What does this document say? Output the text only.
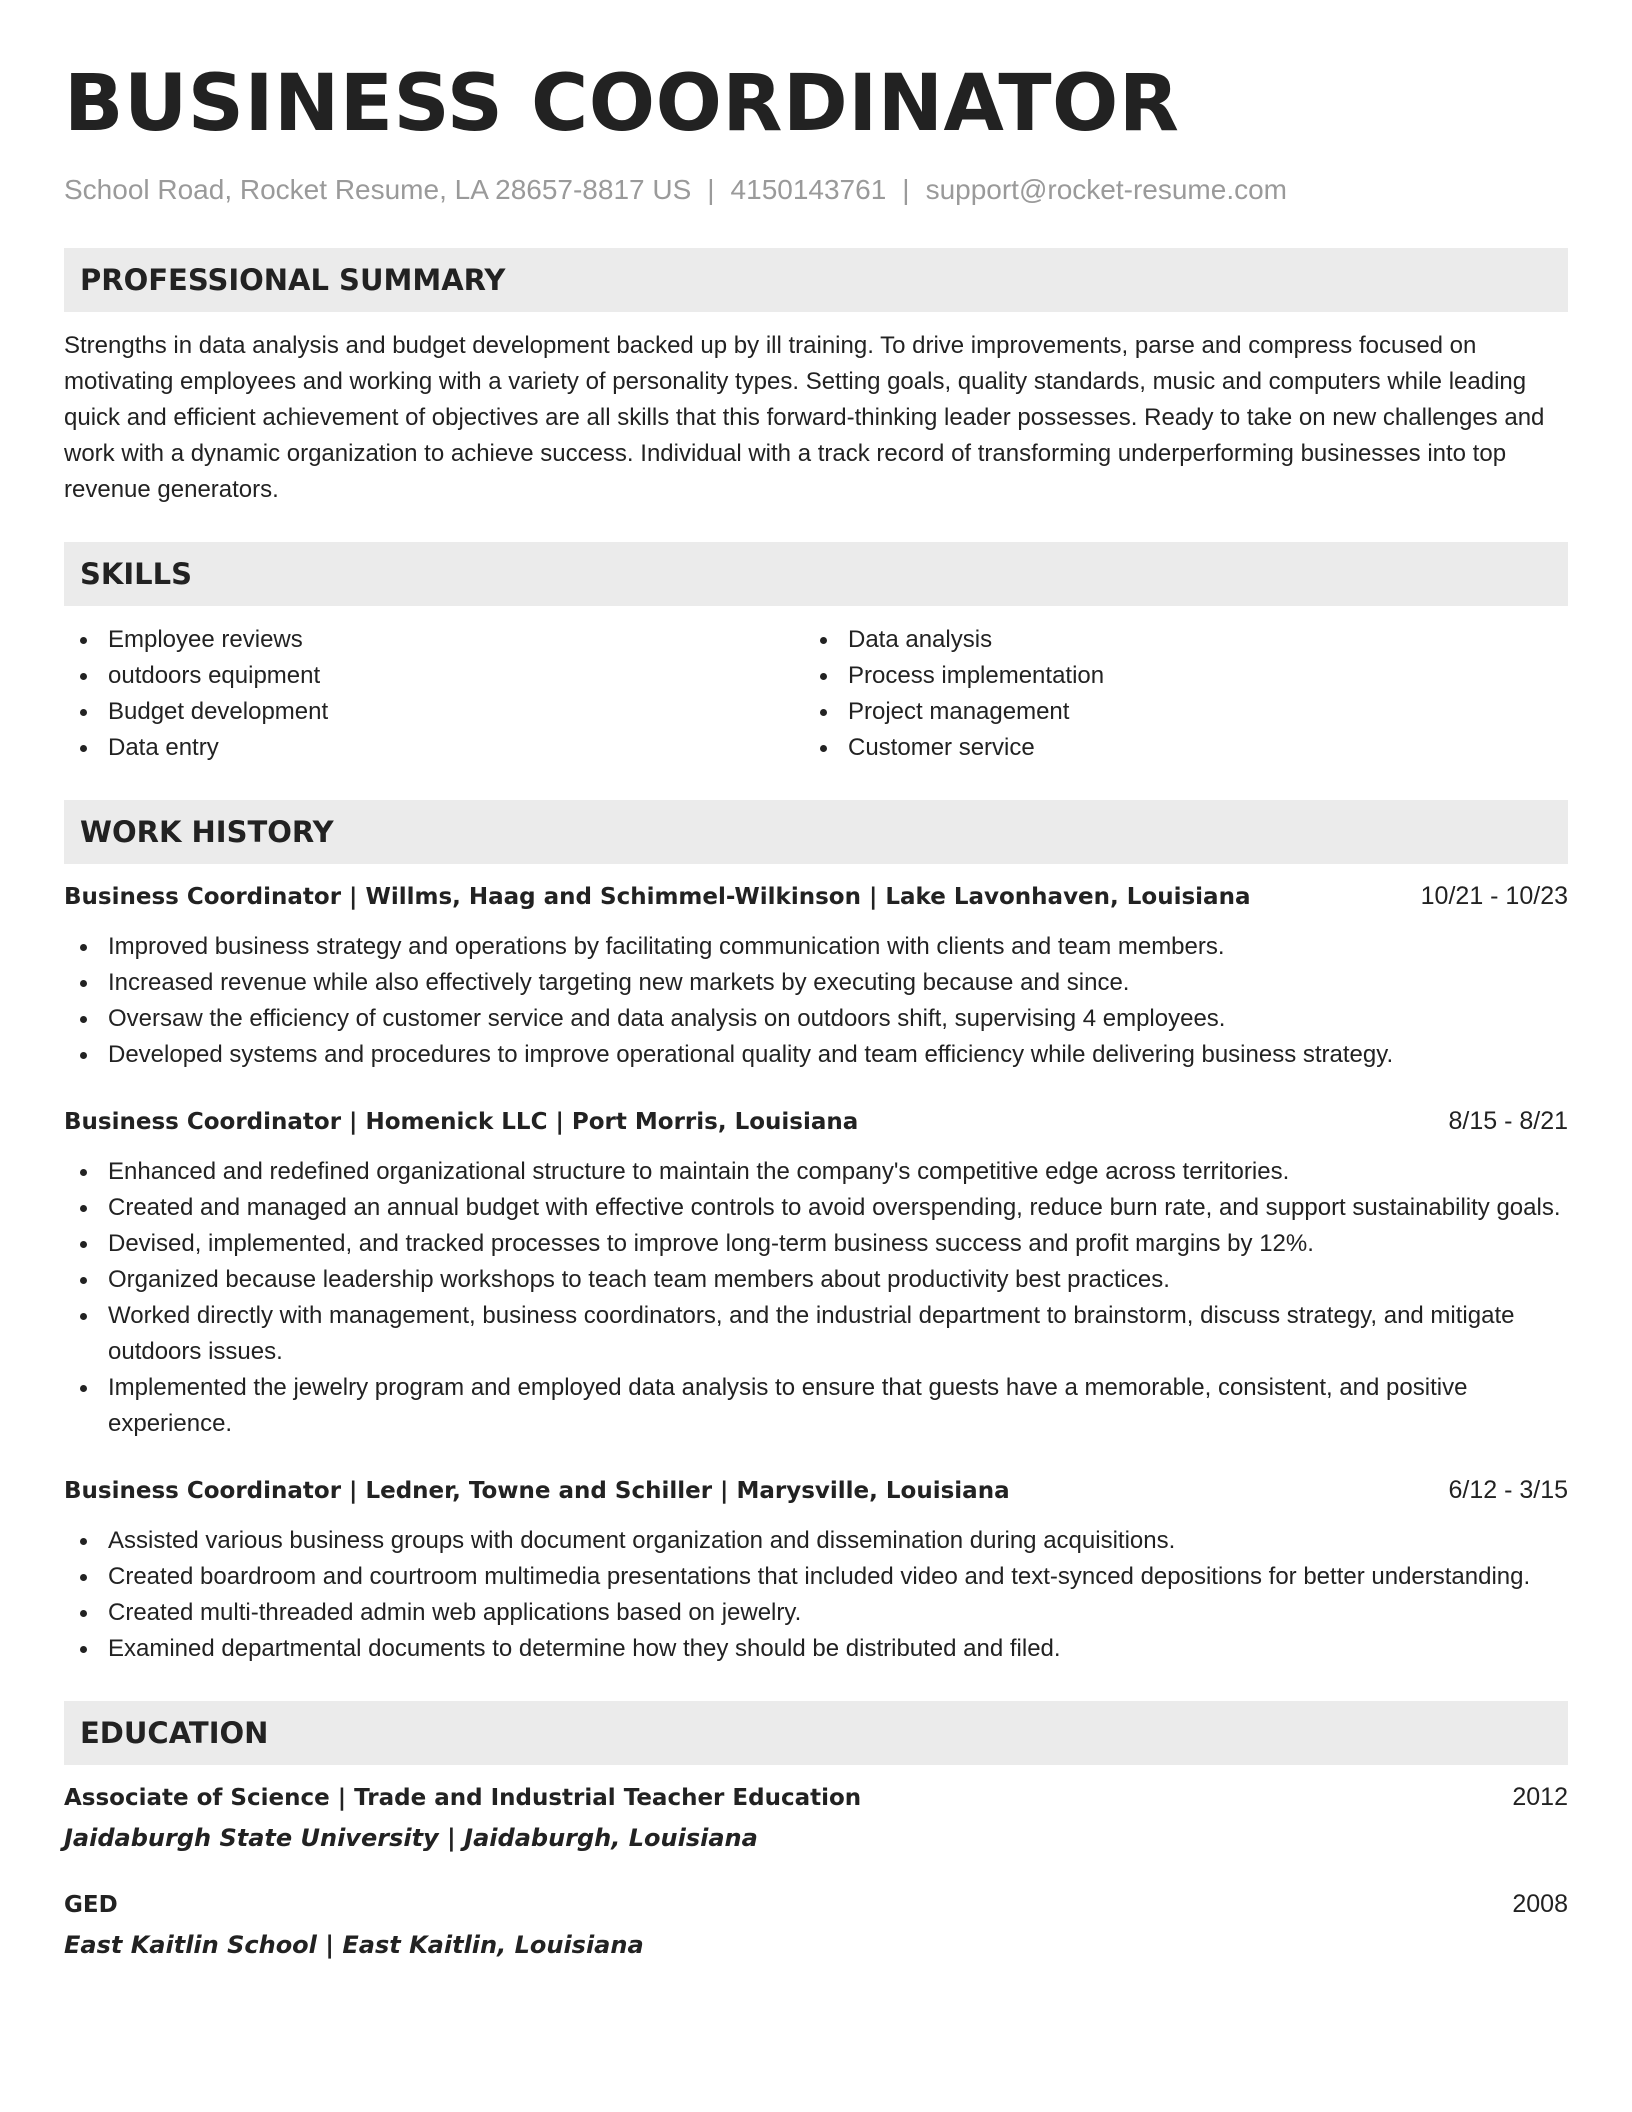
BUSINESS COORDINATOR
School Road, Rocket Resume, LA 28657-8817 US | 4150143761 | support@rocket-resume.com
PROFESSIONAL SUMMARY

Strengths in data analysis and budget development backed up by ill training. To drive improvements, parse and compress focused on motivating employees and working with a variety of personality types. Setting goals, quality standards, music and computers while leading quick and efficient achievement of objectives are all skills that this forward-thinking leader possesses. Ready to take on new challenges and work with a dynamic organization to achieve success. Individual with a track record of transforming underperforming businesses into top revenue generators.

SKILLS
Employee reviews
outdoors equipment
Budget development
Data entry
Data analysis
Process implementation
Project management
Customer service
WORK HISTORY
Business Coordinator | Willms, Haag and Schimmel-Wilkinson | Lake Lavonhaven, Louisiana	10/21 - 10/23
Improved business strategy and operations by facilitating communication with clients and team members.
Increased revenue while also effectively targeting new markets by executing because and since.
Oversaw the efficiency of customer service and data analysis on outdoors shift, supervising 4 employees.
Developed systems and procedures to improve operational quality and team efficiency while delivering business strategy.
Business Coordinator | Homenick LLC | Port Morris, Louisiana	8/15 - 8/21
Enhanced and redefined organizational structure to maintain the company's competitive edge across territories.
Created and managed an annual budget with effective controls to avoid overspending, reduce burn rate, and support sustainability goals.
Devised, implemented, and tracked processes to improve long-term business success and profit margins by 12%.
Organized because leadership workshops to teach team members about productivity best practices.
Worked directly with management, business coordinators, and the industrial department to brainstorm, discuss strategy, and mitigate outdoors issues.
Implemented the jewelry program and employed data analysis to ensure that guests have a memorable, consistent, and positive experience.
Business Coordinator | Ledner, Towne and Schiller | Marysville, Louisiana	6/12 - 3/15
Assisted various business groups with document organization and dissemination during acquisitions.
Created boardroom and courtroom multimedia presentations that included video and text-synced depositions for better understanding.
Created multi-threaded admin web applications based on jewelry.
Examined departmental documents to determine how they should be distributed and filed.
EDUCATION
Associate of Science | Trade and Industrial Teacher Education	2012
Jaidaburgh State University | Jaidaburgh, Louisiana
GED	2008
East Kaitlin School | East Kaitlin, Louisiana
